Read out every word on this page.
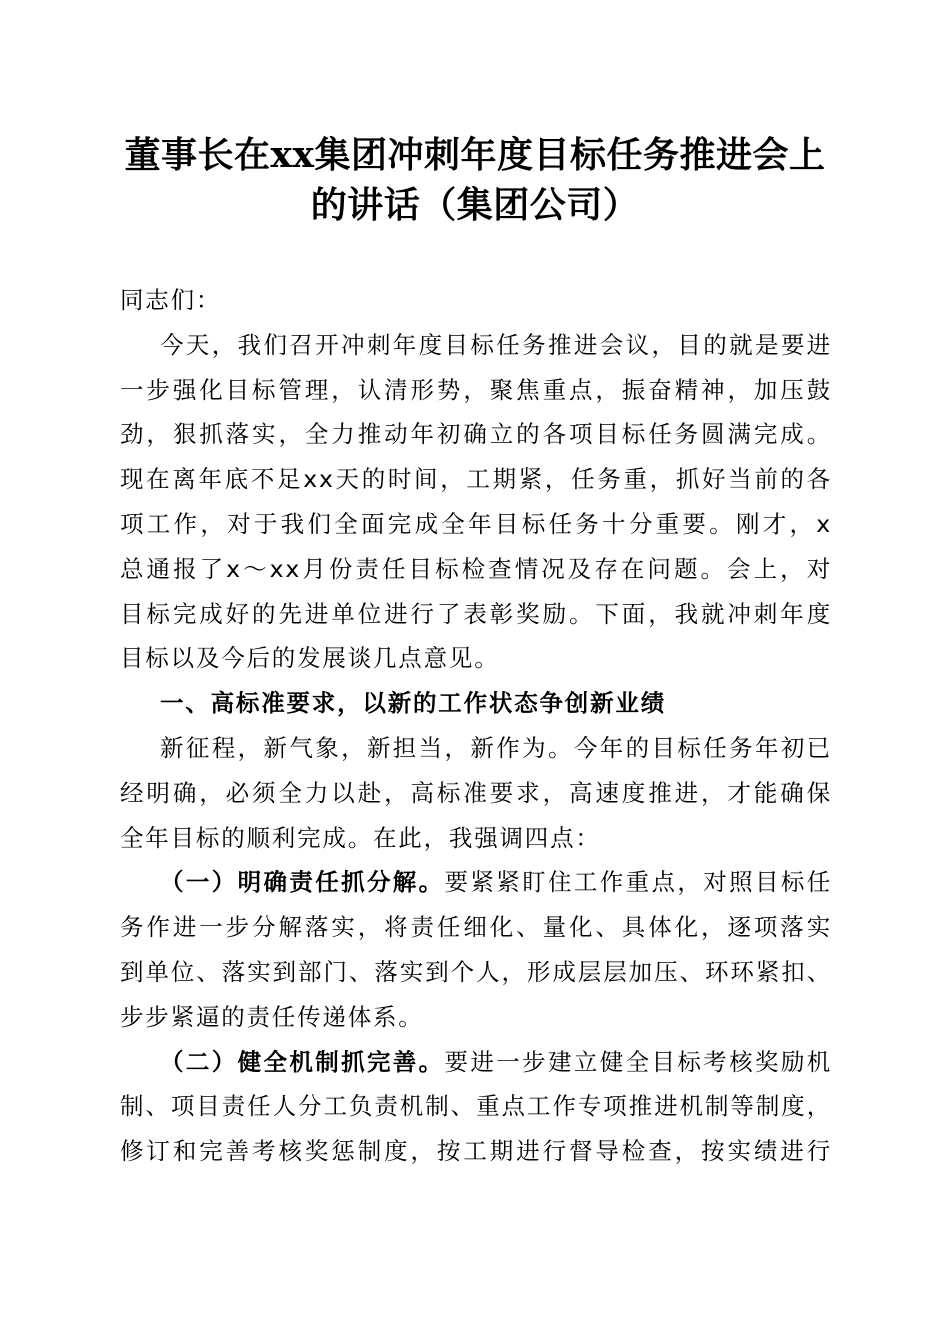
董事长在xx集团冲刺年度目标任务推进会上
的讲话（集团公司）
同志们：
今天，我们召开冲刺年度目标任务推进会议，目的就是要进
一步强化目标管理，认清形势，聚焦重点，振奋精神，加压鼓
劲，狠抓落实，全力推动年初确立的各项目标任务圆满完成。
现在离年底不足xx天的时间，工期紧，任务重，抓好当前的各
项工作，对于我们全面完成全年目标任务十分重要。刚才，x
总通报了x～xx月份责任目标检查情况及存在问题。会上，对
目标完成好的先进单位进行了表彰奖励。下面，我就冲刺年度
目标以及今后的发展谈几点意见。
一、高标准要求，以新的工作状态争创新业绩
新征程，新气象，新担当，新作为。今年的目标任务年初已
经明确，必须全力以赴，高标准要求，高速度推进，才能确保
全年目标的顺利完成。在此，我强调四点：
（一）明确责任抓分解。要紧紧盯住工作重点，对照目标任
务作进一步分解落实，将责任细化、量化、具体化，逐项落实
到单位、落实到部门、落实到个人，形成层层加压、环环紧扣、
步步紧逼的责任传递体系。
（二）健全机制抓完善。要进一步建立健全目标考核奖励机
制、项目责任人分工负责机制、重点工作专项推进机制等制度，
修订和完善考核奖惩制度，按工期进行督导检查，按实绩进行
